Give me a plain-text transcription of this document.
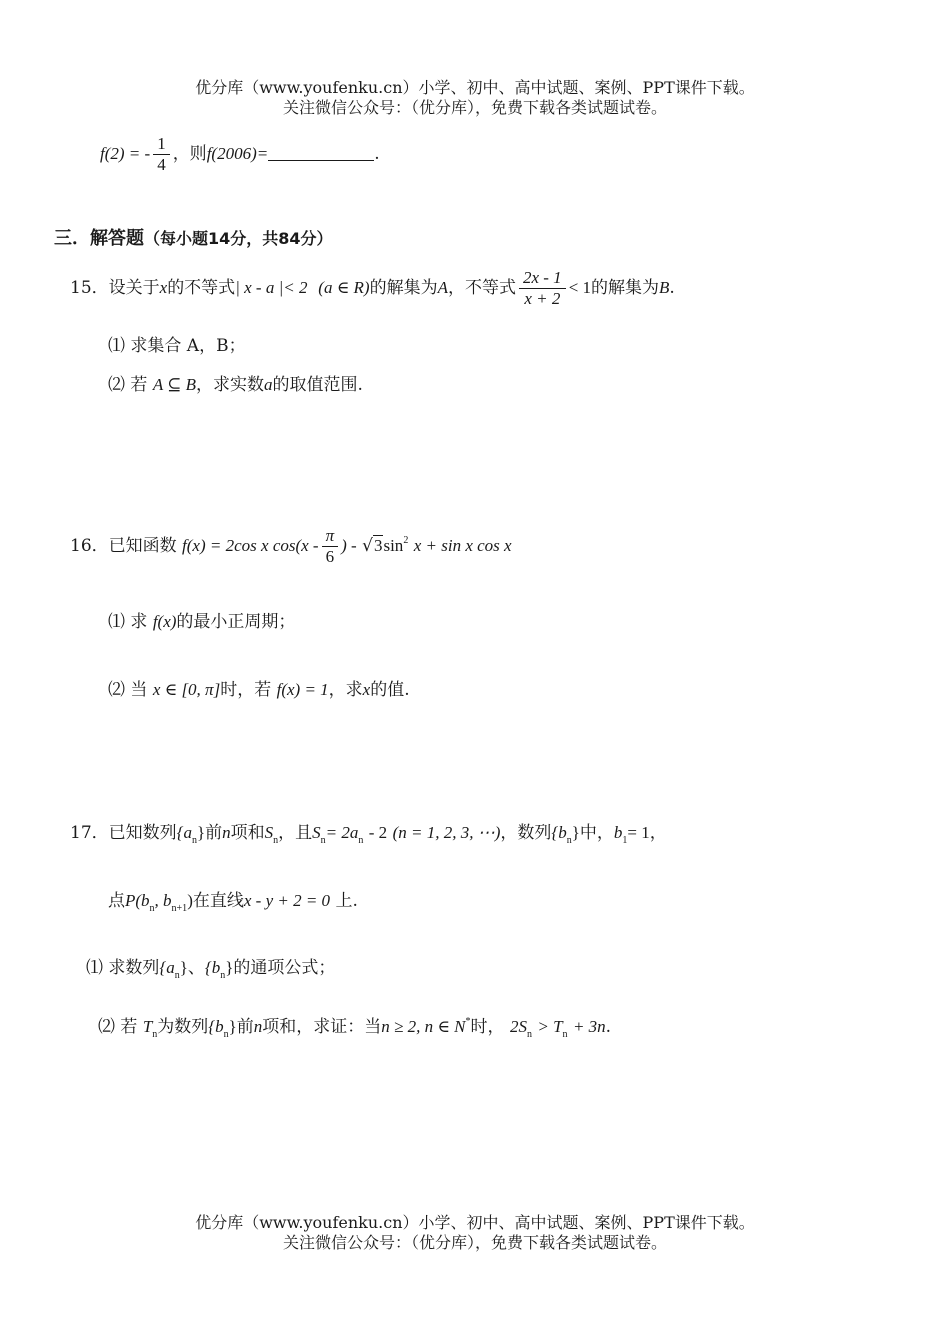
优分库（www.youfenku.cn）小学、初中、高中试题、案例、PPT课件下载。
关注微信公众号：（优分库），免费下载各类试题试卷。
f(2) = - $\frac{1}{4}$ ，则f(2006)=	.
三．解答题（每小题14分，共84分）
15．设关于x的不等式| x - a |< 2 (a ∈ R)的解集为A，不等式 $\frac{2x - 1}{x + 2} < 1$的解集为B.
⑴ 求集合 A，B；
⑵ 若 A ⊆ B，求实数a的取值范围.
16．已知函数 f(x) = 2cos x $\cos(x - \frac{\pi}{6}$ ) - $√3\sin^2$ x + sin x cos x
⑴ 求 f(x)的最小正周期；
⑵ 当 x ∈ [0, π]时，若 f(x) = 1，求x的值.
17．已知数列$\{a_n\}$前n项和$S_n$，且$S_n= 2a_n - 2$ (n = 1, 2, 3, ⋯)，数列$\{b_n\}$中，$b_1= 1$，
点$P(b_n$, $b_{n+1}$)在直线x - y + 2 = 0 上.
⑴ 求数列$\{a_n\}$、$\{b_n\}$的通项公式；
⑵ 若 $T_n$为数列$\{b_n\}$前n项和，求证：当n ≥ 2, n ∈ N*时， $2S_n > T_n + 3n$.
优分库（www.youfenku.cn）小学、初中、高中试题、案例、PPT课件下载。
关注微信公众号：（优分库），免费下载各类试题试卷。
